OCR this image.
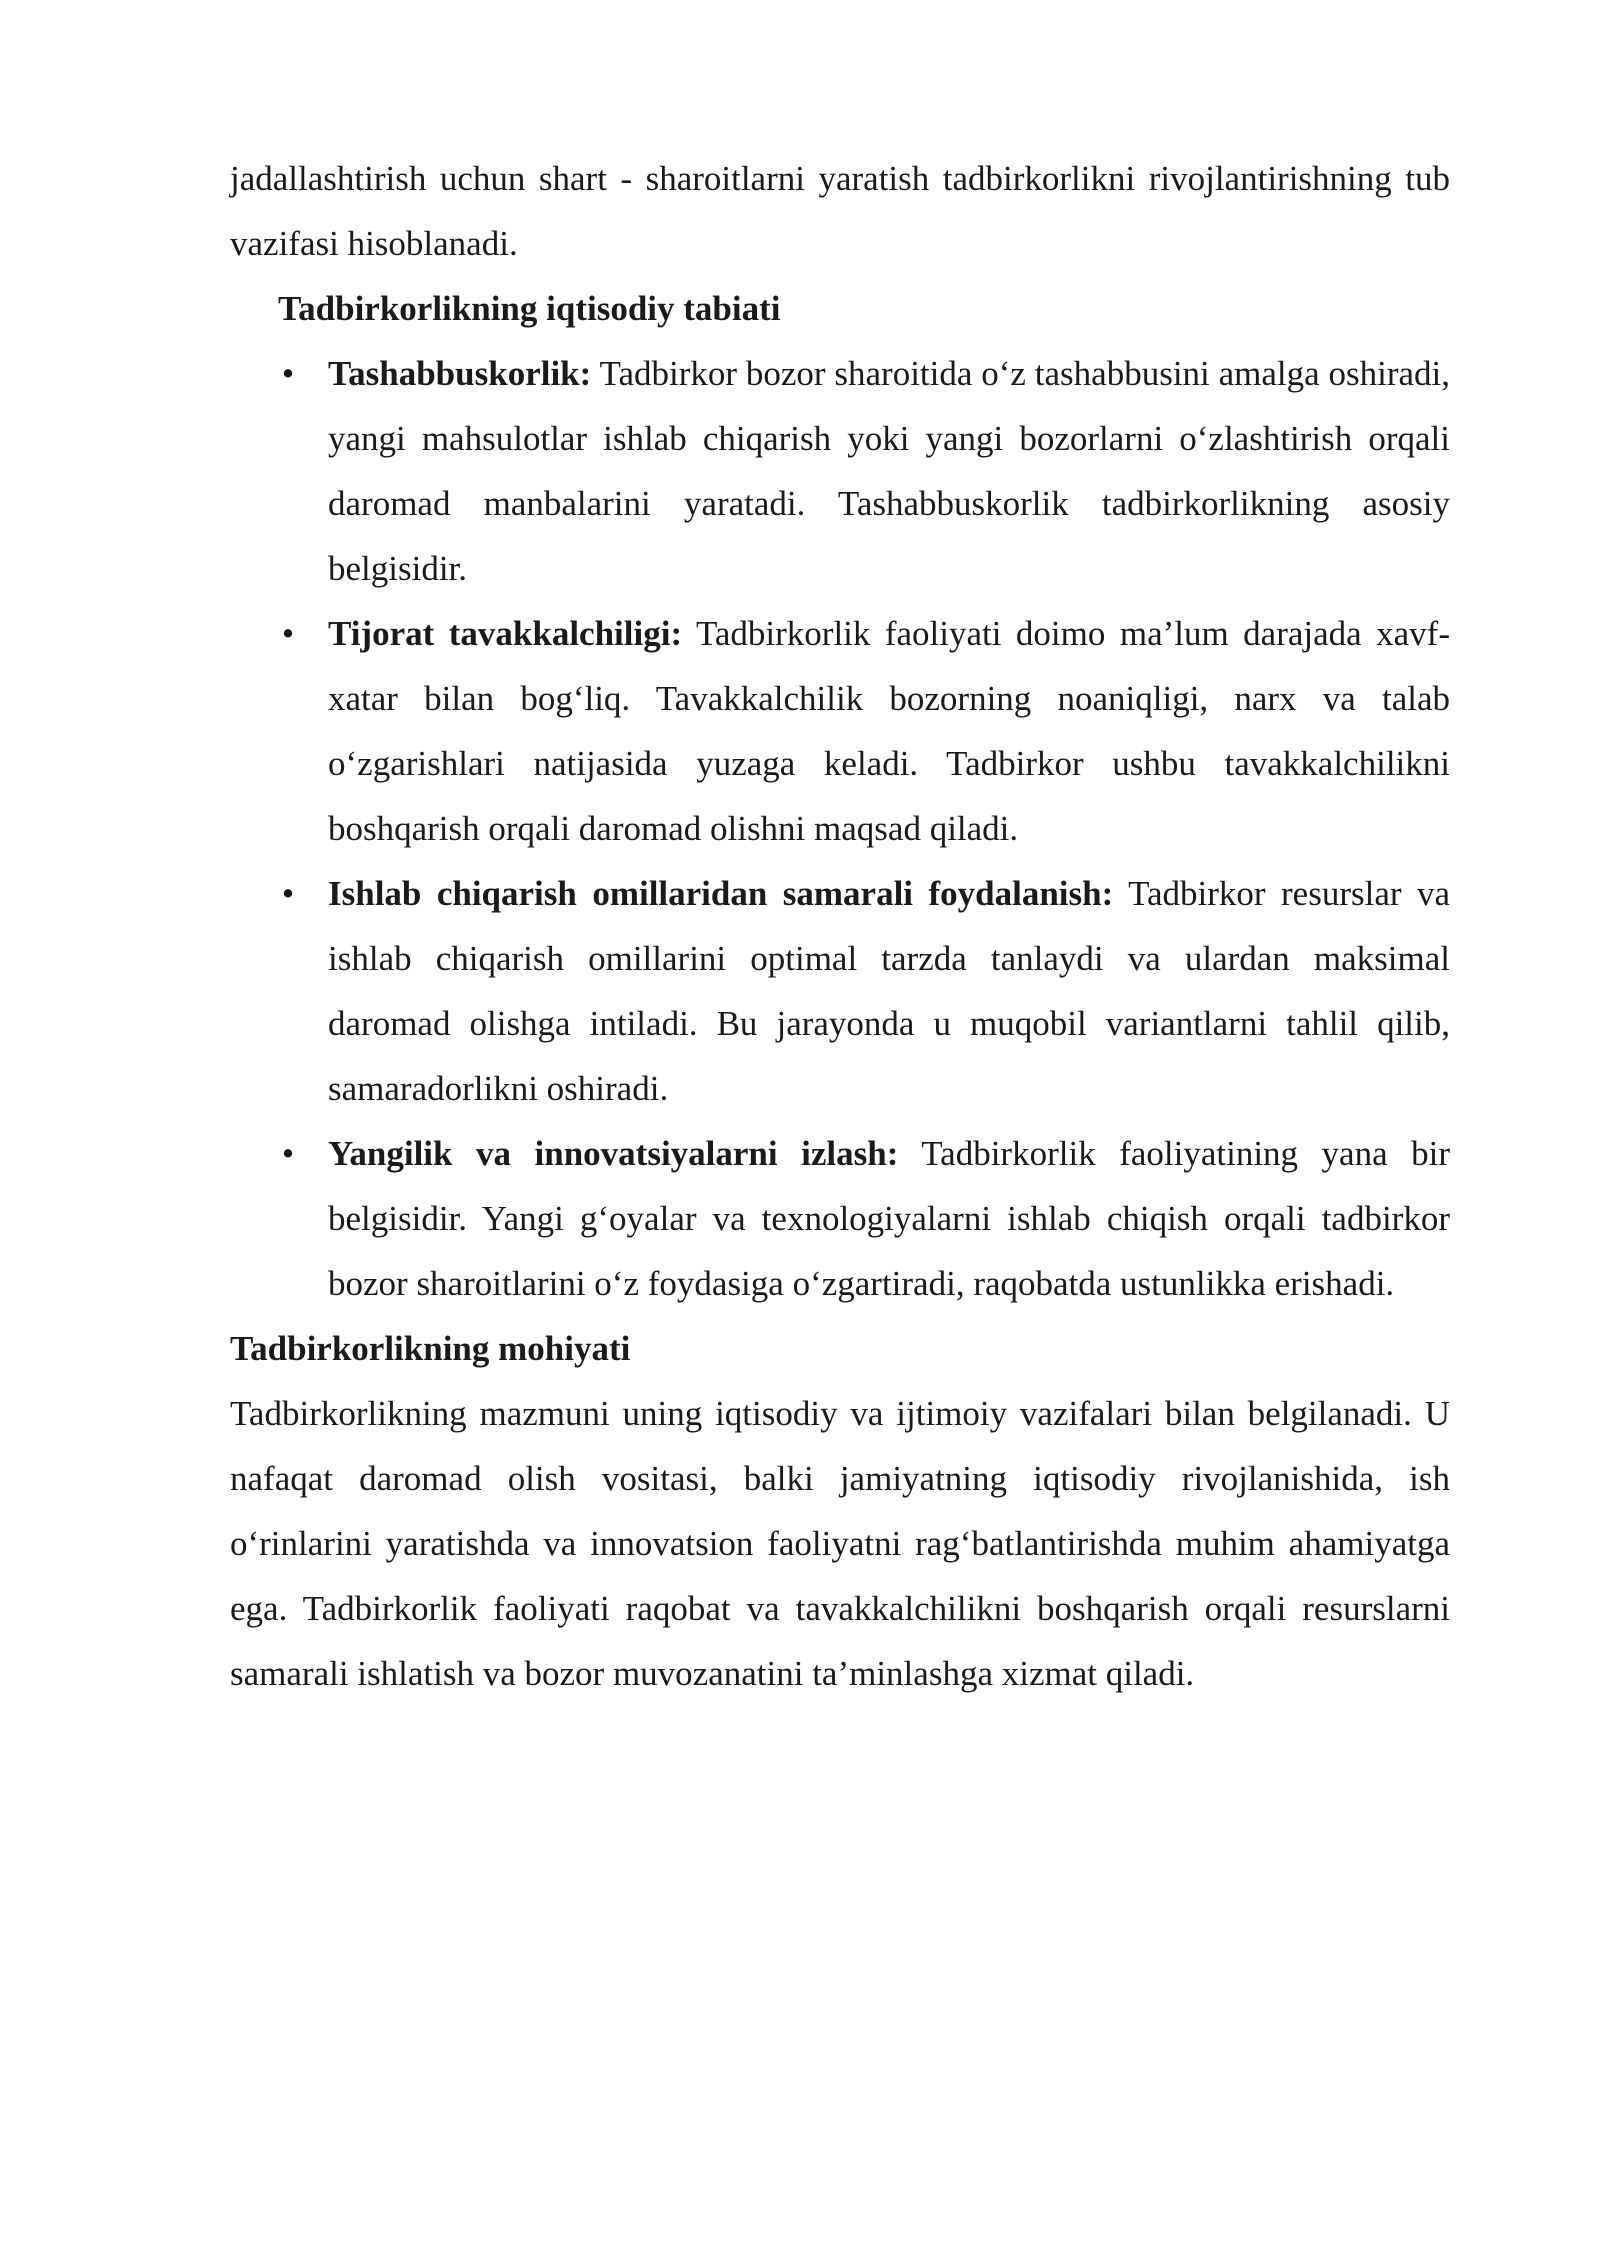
jadallashtirish uchun shart - sharoitlarni yaratish tadbirkorlikni rivojlantirishning tub vazifasi hisoblanadi.

Tadbirkorlikning iqtisodiy tabiati
• Tashabbuskorlik: Tadbirkor bozor sharoitida o‘z tashabbusini amalga oshiradi, yangi mahsulotlar ishlab chiqarish yoki yangi bozorlarni o‘zlashtirish orqali daromad manbalarini yaratadi. Tashabbuskorlik tadbirkorlikning asosiy belgisidir.
• Tijorat tavakkalchiligi: Tadbirkorlik faoliyati doimo ma’lum darajada xavf-xatar bilan bog‘liq. Tavakkalchilik bozorning noaniqligi, narx va talab o‘zgarishlari natijasida yuzaga keladi. Tadbirkor ushbu tavakkalchilikni boshqarish orqali daromad olishni maqsad qiladi.
• Ishlab chiqarish omillaridan samarali foydalanish: Tadbirkor resurslar va ishlab chiqarish omillarini optimal tarzda tanlaydi va ulardan maksimal daromad olishga intiladi. Bu jarayonda u muqobil variantlarni tahlil qilib, samaradorlikni oshiradi.
• Yangilik va innovatsiyalarni izlash: Tadbirkorlik faoliyatining yana bir belgisidir. Yangi g‘oyalar va texnologiyalarni ishlab chiqish orqali tadbirkor bozor sharoitlarini o‘z foydasiga o‘zgartiradi, raqobatda ustunlikka erishadi.
Tadbirkorlikning mohiyati

Tadbirkorlikning mazmuni uning iqtisodiy va ijtimoiy vazifalari bilan belgilanadi. U nafaqat daromad olish vositasi, balki jamiyatning iqtisodiy rivojlanishida, ish o‘rinlarini yaratishda va innovatsion faoliyatni rag‘batlantirishda muhim ahamiyatga ega. Tadbirkorlik faoliyati raqobat va tavakkalchilikni boshqarish orqali resurslarni samarali ishlatish va bozor muvozanatini ta’minlashga xizmat qiladi.
